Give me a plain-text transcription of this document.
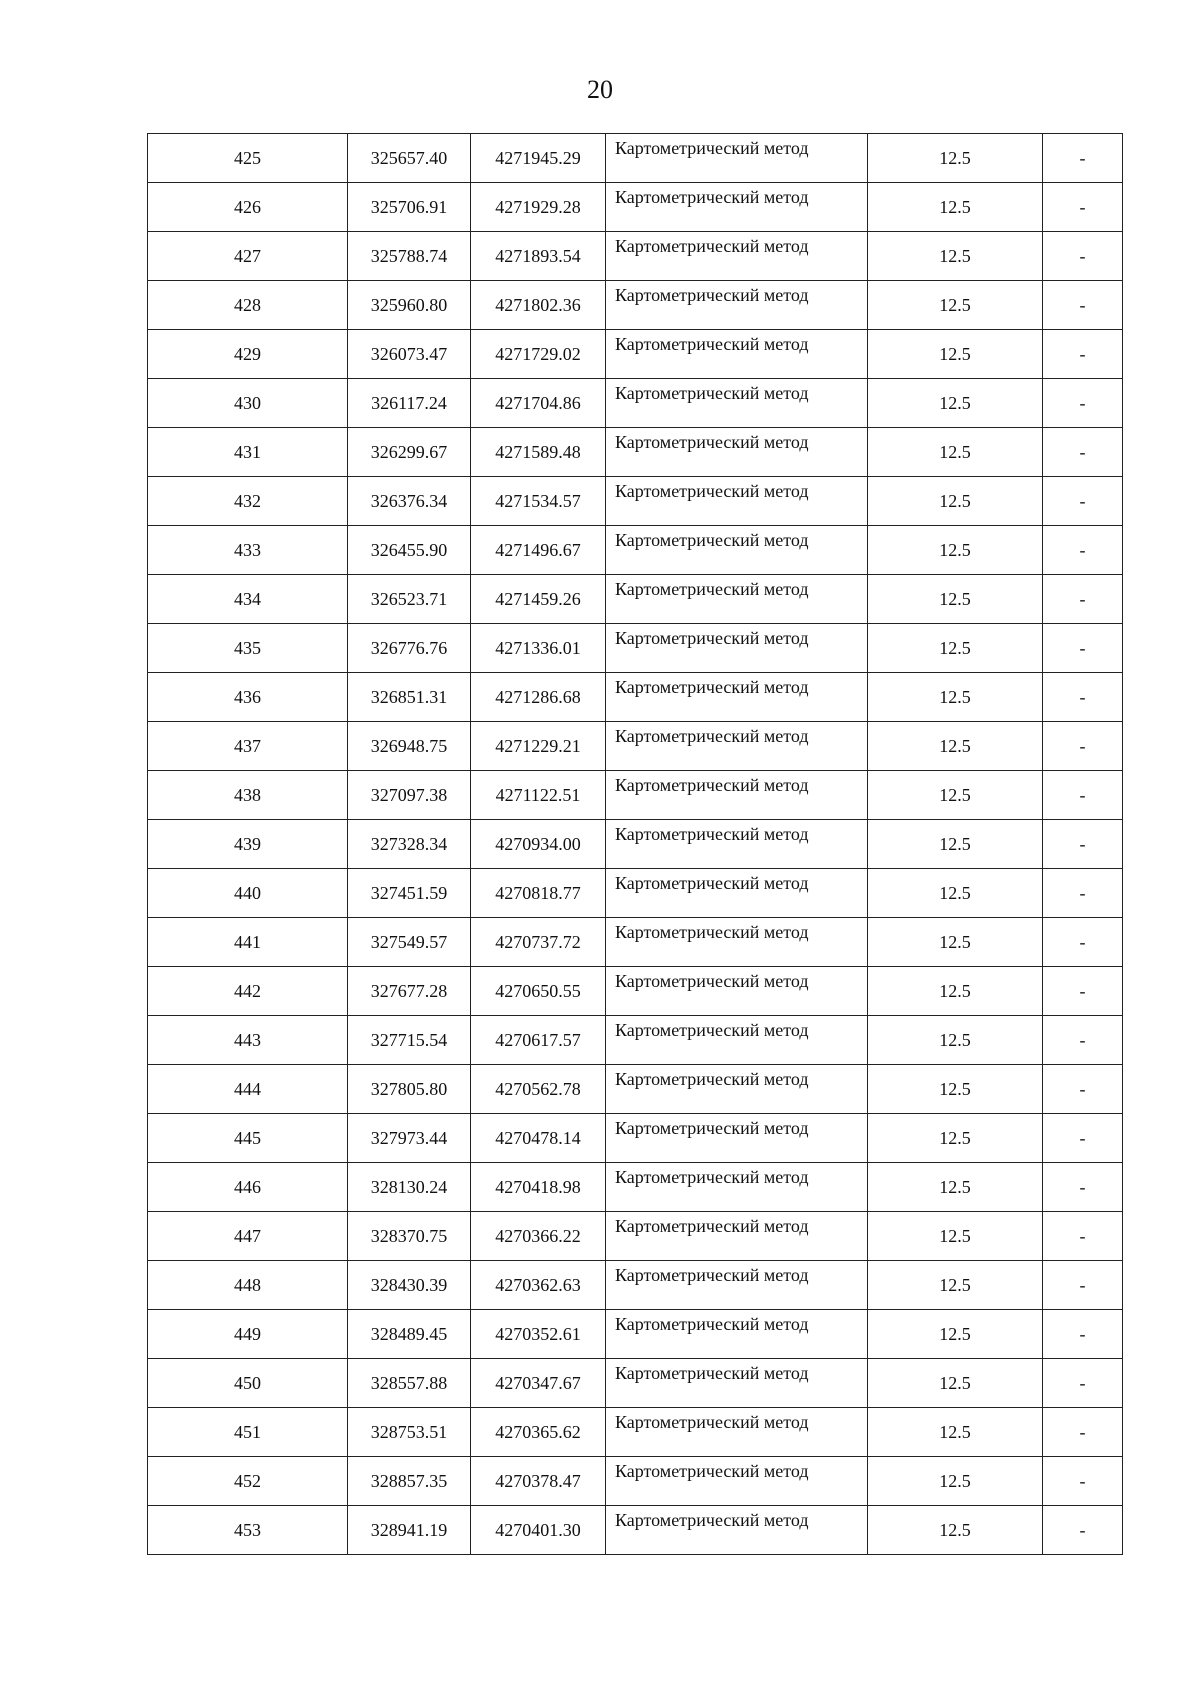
20
425	325657.40	4271945.29	Картометрический метод	12.5	-
426	325706.91	4271929.28	Картометрический метод	12.5	-
427	325788.74	4271893.54	Картометрический метод	12.5	-
428	325960.80	4271802.36	Картометрический метод	12.5	-
429	326073.47	4271729.02	Картометрический метод	12.5	-
430	326117.24	4271704.86	Картометрический метод	12.5	-
431	326299.67	4271589.48	Картометрический метод	12.5	-
432	326376.34	4271534.57	Картометрический метод	12.5	-
433	326455.90	4271496.67	Картометрический метод	12.5	-
434	326523.71	4271459.26	Картометрический метод	12.5	-
435	326776.76	4271336.01	Картометрический метод	12.5	-
436	326851.31	4271286.68	Картометрический метод	12.5	-
437	326948.75	4271229.21	Картометрический метод	12.5	-
438	327097.38	4271122.51	Картометрический метод	12.5	-
439	327328.34	4270934.00	Картометрический метод	12.5	-
440	327451.59	4270818.77	Картометрический метод	12.5	-
441	327549.57	4270737.72	Картометрический метод	12.5	-
442	327677.28	4270650.55	Картометрический метод	12.5	-
443	327715.54	4270617.57	Картометрический метод	12.5	-
444	327805.80	4270562.78	Картометрический метод	12.5	-
445	327973.44	4270478.14	Картометрический метод	12.5	-
446	328130.24	4270418.98	Картометрический метод	12.5	-
447	328370.75	4270366.22	Картометрический метод	12.5	-
448	328430.39	4270362.63	Картометрический метод	12.5	-
449	328489.45	4270352.61	Картометрический метод	12.5	-
450	328557.88	4270347.67	Картометрический метод	12.5	-
451	328753.51	4270365.62	Картометрический метод	12.5	-
452	328857.35	4270378.47	Картометрический метод	12.5	-
453	328941.19	4270401.30	Картометрический метод	12.5	-
